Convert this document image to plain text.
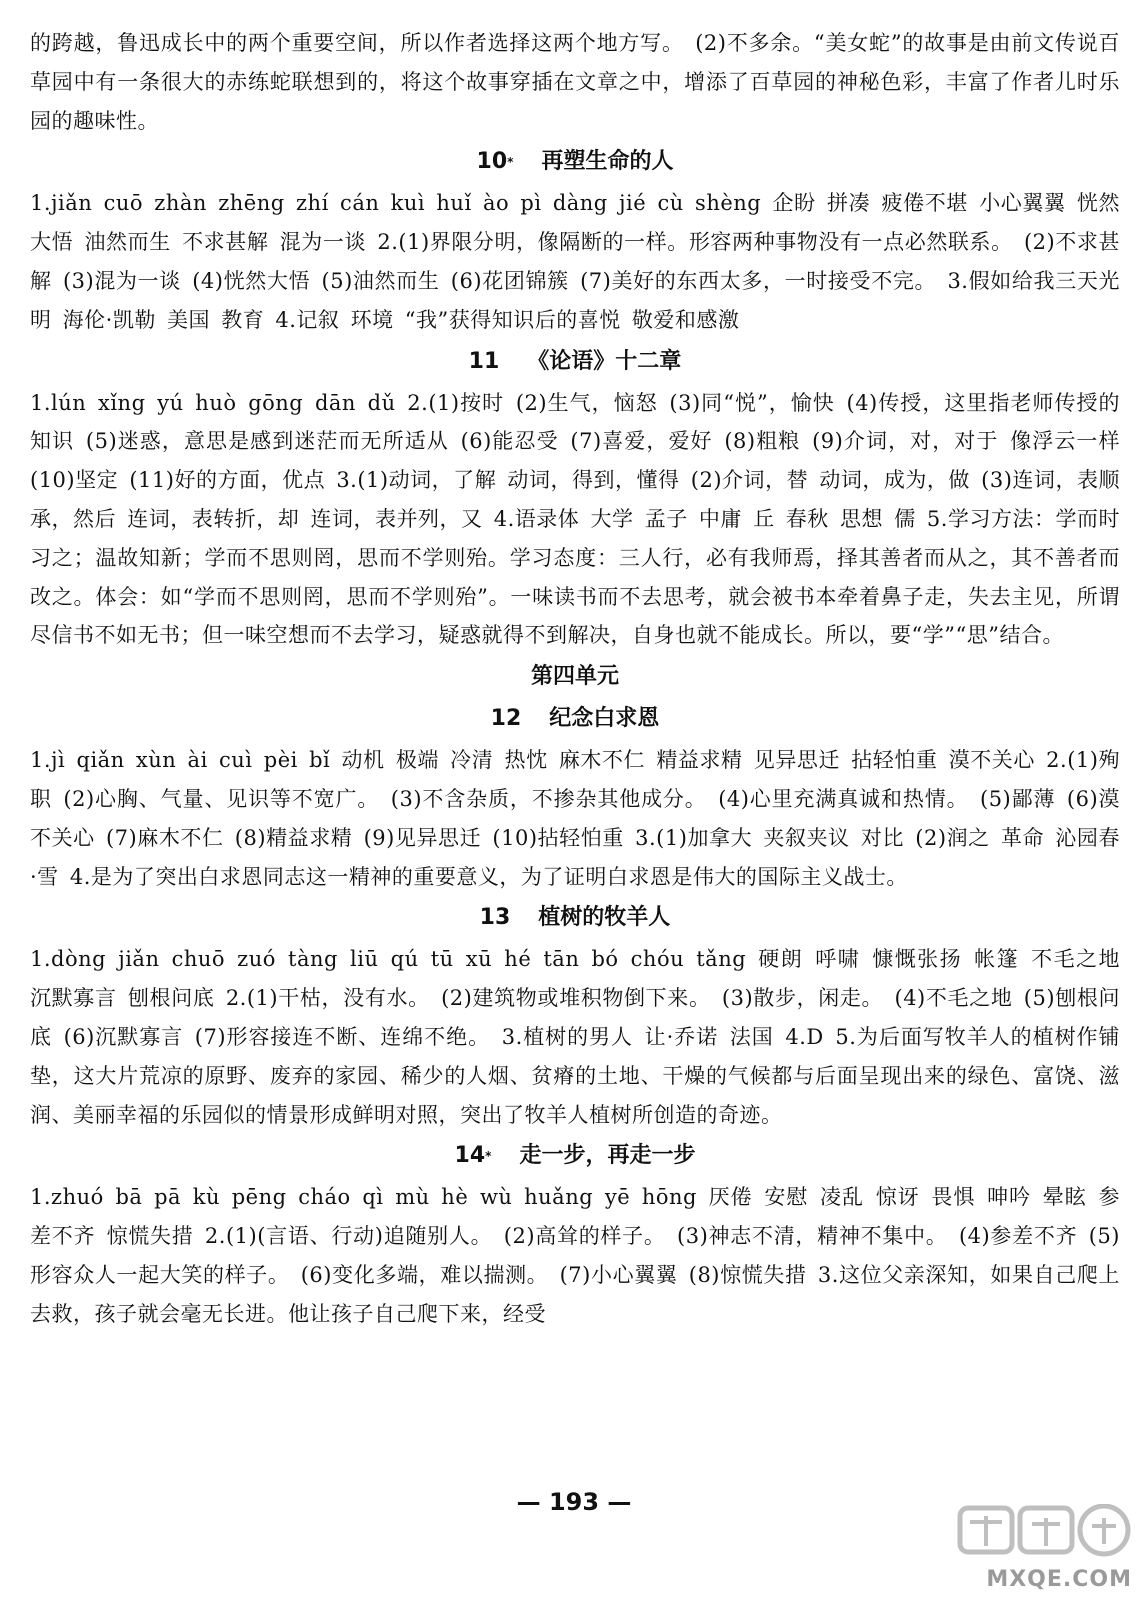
的跨越，鲁迅成长中的两个重要空间，所以作者选择这两个地方写。 (2)不多余。“美女蛇”的故事是由前文传说百草园中有一条很大的赤练蛇联想到的，将这个故事穿插在文章之中，增添了百草园的神秘色彩，丰富了作者儿时乐园的趣味性。

10* 再塑生命的人

1.jiǎn cuō zhàn zhēng zhí cán kuì huǐ ào pì dàng jié cù shèng 企盼 拼凑 疲倦不堪 小心翼翼 恍然大悟 油然而生 不求甚解 混为一谈 2.(1)界限分明，像隔断的一样。形容两种事物没有一点必然联系。 (2)不求甚解 (3)混为一谈 (4)恍然大悟 (5)油然而生 (6)花团锦簇 (7)美好的东西太多，一时接受不完。 3.假如给我三天光明 海伦·凯勒 美国 教育 4.记叙 环境 “我”获得知识后的喜悦 敬爱和感激

11 《论语》十二章

1.lún xǐng yú huò gōng dān dǔ 2.(1)按时 (2)生气，恼怒 (3)同“悦”，愉快 (4)传授，这里指老师传授的知识 (5)迷惑，意思是感到迷茫而无所适从 (6)能忍受 (7)喜爱，爱好 (8)粗粮 (9)介词，对，对于 像浮云一样 (10)坚定 (11)好的方面，优点 3.(1)动词，了解 动词，得到，懂得 (2)介词，替 动词，成为，做 (3)连词，表顺承，然后 连词，表转折，却 连词，表并列，又 4.语录体 大学 孟子 中庸 丘 春秋 思想 儒 5.学习方法：学而时习之；温故知新；学而不思则罔，思而不学则殆。学习态度：三人行，必有我师焉，择其善者而从之，其不善者而改之。体会：如“学而不思则罔，思而不学则殆”。一味读书而不去思考，就会被书本牵着鼻子走，失去主见，所谓尽信书不如无书；但一味空想而不去学习，疑惑就得不到解决，自身也就不能成长。所以，要“学”“思”结合。

第四单元
12 纪念白求恩

1.jì qiǎn xùn ài cuì pèi bǐ 动机 极端 冷清 热忱 麻木不仁 精益求精 见异思迁 拈轻怕重 漠不关心 2.(1)殉职 (2)心胸、气量、见识等不宽广。 (3)不含杂质，不掺杂其他成分。 (4)心里充满真诚和热情。 (5)鄙薄 (6)漠不关心 (7)麻木不仁 (8)精益求精 (9)见异思迁 (10)拈轻怕重 3.(1)加拿大 夹叙夹议 对比 (2)润之 革命 沁园春·雪 4.是为了突出白求恩同志这一精神的重要意义，为了证明白求恩是伟大的国际主义战士。

13 植树的牧羊人

1.dòng jiǎn chuō zuó tàng liū qú tū xū hé tān bó chóu tǎng 硬朗 呼啸 慷慨张扬 帐篷 不毛之地 沉默寡言 刨根问底 2.(1)干枯，没有水。 (2)建筑物或堆积物倒下来。 (3)散步，闲走。 (4)不毛之地 (5)刨根问底 (6)沉默寡言 (7)形容接连不断、连绵不绝。 3.植树的男人 让·乔诺 法国 4.D 5.为后面写牧羊人的植树作铺垫，这大片荒凉的原野、废弃的家园、稀少的人烟、贫瘠的土地、干燥的气候都与后面呈现出来的绿色、富饶、滋润、美丽幸福的乐园似的情景形成鲜明对照，突出了牧羊人植树所创造的奇迹。

14* 走一步，再走一步

1.zhuó bā pā kù pēng cháo qì mù hè wù huǎng yē hōng 厌倦 安慰 凌乱 惊讶 畏惧 呻吟 晕眩 参差不齐 惊慌失措 2.(1)(言语、行动)追随别人。 (2)高耸的样子。 (3)神志不清，精神不集中。 (4)参差不齐 (5)形容众人一起大笑的样子。 (6)变化多端，难以揣测。 (7)小心翼翼 (8)惊慌失措 3.这位父亲深知，如果自己爬上去救，孩子就会毫无长进。他让孩子自己爬下来，经受

— 193 —
MXQE.COM
